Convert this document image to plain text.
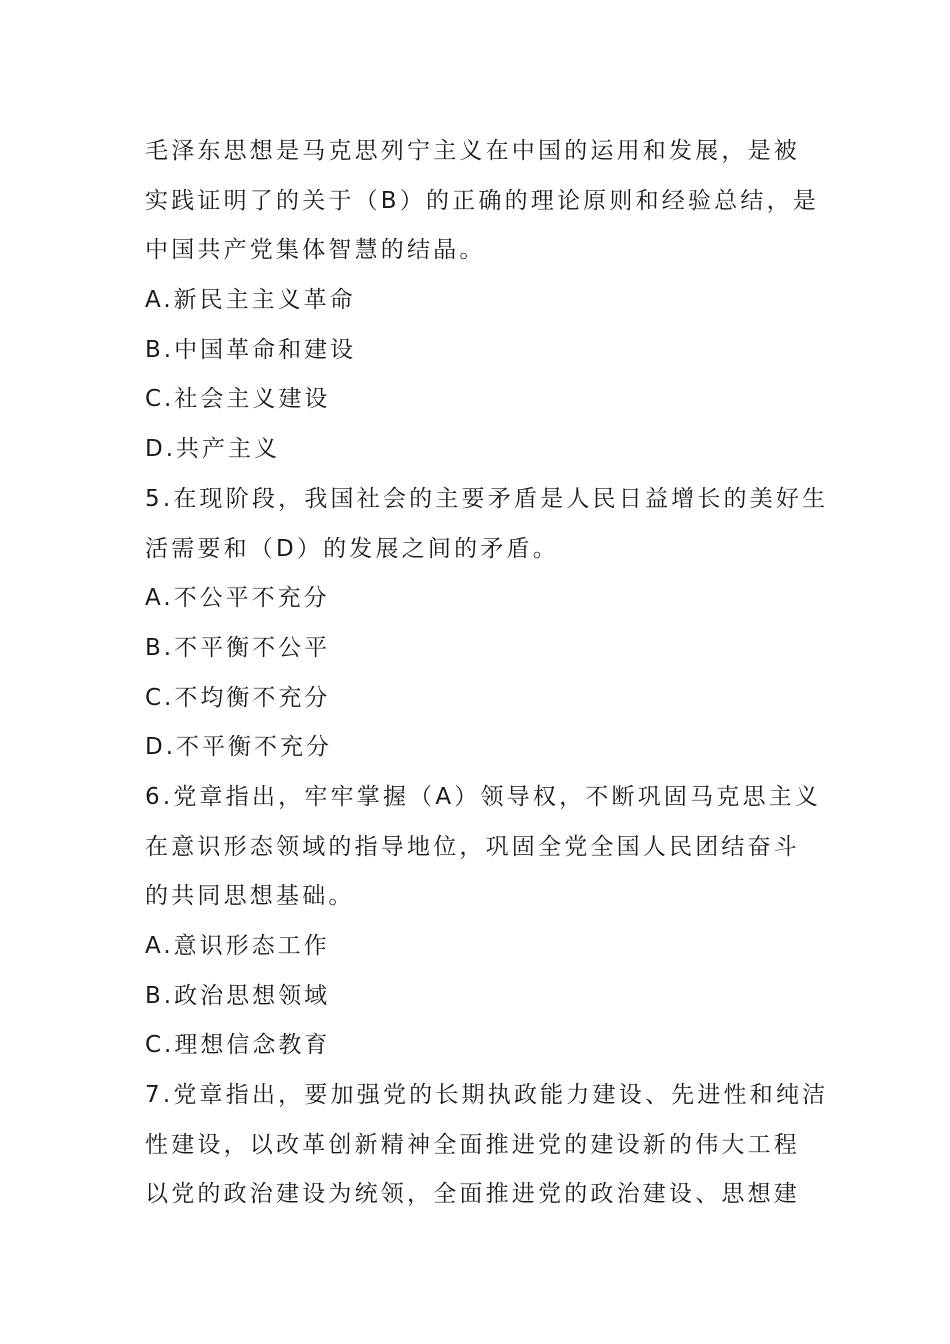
毛泽东思想是马克思列宁主义在中国的运用和发展，是被
实践证明了的关于（B）的正确的理论原则和经验总结，是
中国共产党集体智慧的结晶。
A.新民主主义革命
B.中国革命和建设
C.社会主义建设
D.共产主义
5.在现阶段，我国社会的主要矛盾是人民日益增长的美好生
活需要和（D）的发展之间的矛盾。
A.不公平不充分
B.不平衡不公平
C.不均衡不充分
D.不平衡不充分
6.党章指出，牢牢掌握（A）领导权，不断巩固马克思主义
在意识形态领域的指导地位，巩固全党全国人民团结奋斗
的共同思想基础。
A.意识形态工作
B.政治思想领域
C.理想信念教育
7.党章指出，要加强党的长期执政能力建设、先进性和纯洁
性建设，以改革创新精神全面推进党的建设新的伟大工程
以党的政治建设为统领，全面推进党的政治建设、思想建
